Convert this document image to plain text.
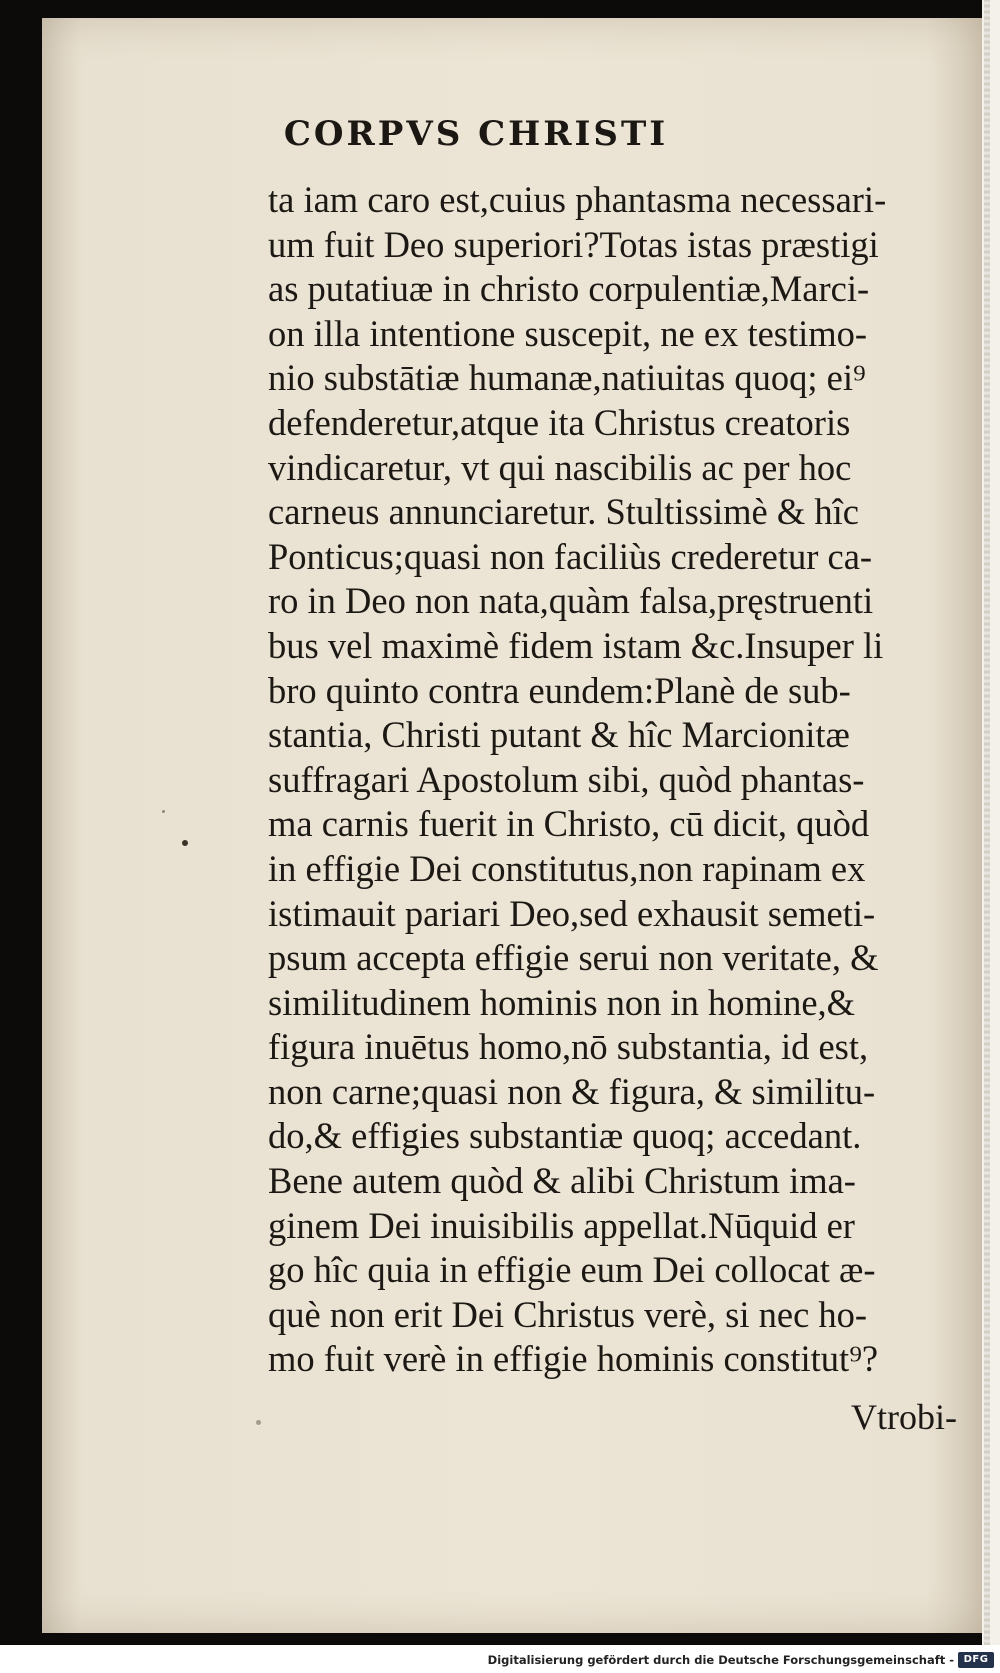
CORPVS CHRISTI
ta iam caro est,cuius phantasma necessari-
um fuit Deo superiori?Totas istas præstigi
as putatiuæ in christo corpulentiæ,Marci-
on illa intentione suscepit, ne ex testimo-
nio substātiæ humanæ,natiuitas quoq; ei⁹
defenderetur,atque ita Christus creatoris
vindicaretur, vt qui nascibilis ac per hoc
carneus annunciaretur. Stultissimè & hîc
Ponticus;quasi non faciliùs crederetur ca-
ro in Deo non nata,quàm falsa,pręstruenti
bus vel maximè fidem istam &c.Insuper li
bro quinto contra eundem:Planè de sub-
stantia, Christi putant & hîc Marcionitæ
suffragari Apostolum sibi, quòd phantas-
ma carnis fuerit in Christo, cū dicit, quòd
in effigie Dei constitutus,non rapinam ex
istimauit pariari Deo,sed exhausit semeti-
psum accepta effigie serui non veritate, &
similitudinem hominis non in homine,&
figura inuētus homo,nō substantia, id est,
non carne;quasi non & figura, & similitu-
do,& effigies substantiæ quoq; accedant.
Bene autem quòd & alibi Christum ima-
ginem Dei inuisibilis appellat.Nūquid er
go hîc quia in effigie eum Dei collocat æ-
què non erit Dei Christus verè, si nec ho-
mo fuit verè in effigie hominis constitut⁹?
Vtrobi-
Digitalisierung gefördert durch die Deutsche Forschungsgemeinschaft - DFG
